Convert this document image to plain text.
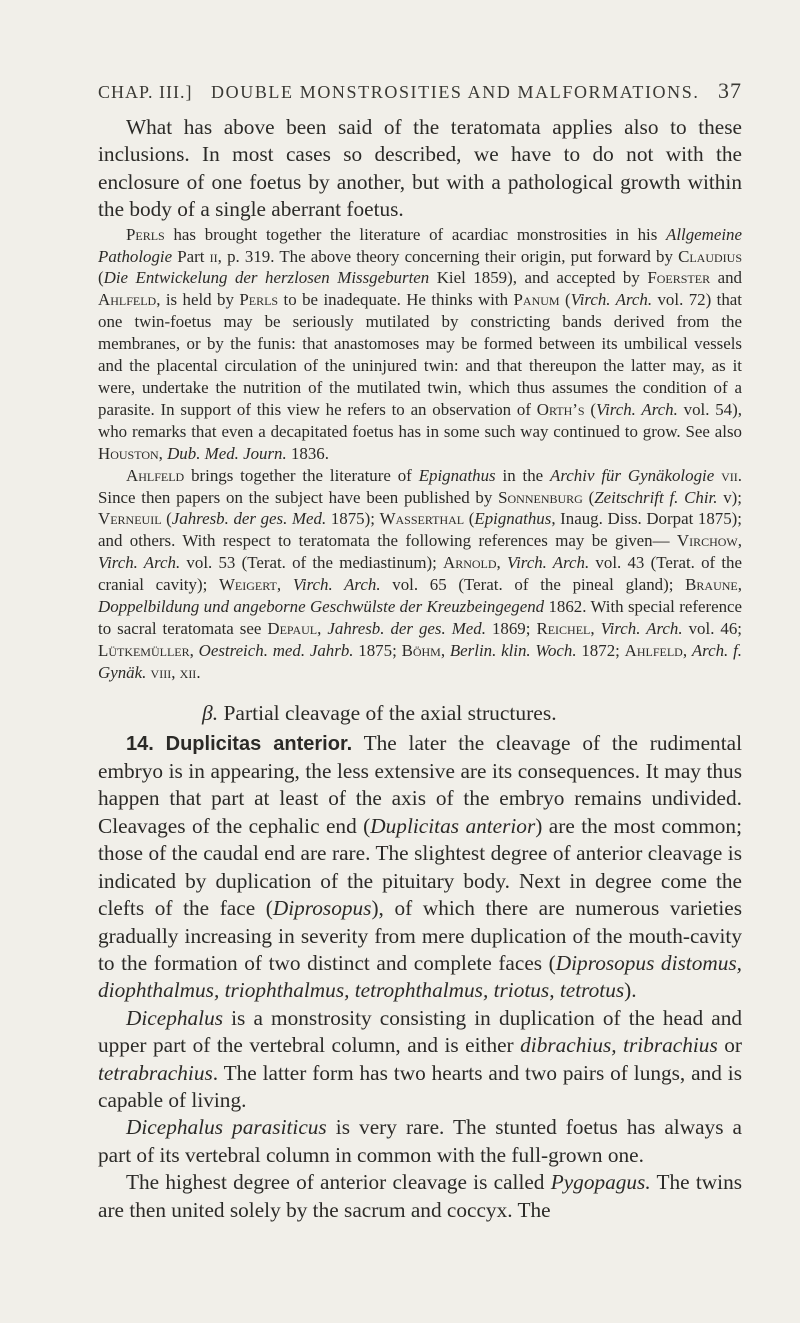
CHAP. III.] DOUBLE MONSTROSITIES AND MALFORMATIONS. 37

What has above been said of the teratomata applies also to these inclusions. In most cases so described, we have to do not with the enclosure of one foetus by another, but with a pathological growth within the body of a single aberrant foetus.

Perls has brought together the literature of acardiac monstrosities in his Allgemeine Pathologie Part ii, p. 319. The above theory concerning their origin, put forward by Claudius (Die Entwickelung der herzlosen Missgeburten Kiel 1859), and accepted by Foerster and Ahlfeld, is held by Perls to be inadequate. He thinks with Panum (Virch. Arch. vol. 72) that one twin-foetus may be seriously mutilated by constricting bands derived from the membranes, or by the funis: that anastomoses may be formed between its umbilical vessels and the placental circulation of the uninjured twin: and that thereupon the latter may, as it were, undertake the nutrition of the mutilated twin, which thus assumes the condition of a parasite. In support of this view he refers to an observation of Orth’s (Virch. Arch. vol. 54), who remarks that even a decapitated foetus has in some such way continued to grow. See also Houston, Dub. Med. Journ. 1836.

Ahlfeld brings together the literature of Epignathus in the Archiv für Gynäkologie vii. Since then papers on the subject have been published by Sonnenburg (Zeitschrift f. Chir. v); Verneuil (Jahresb. der ges. Med. 1875); Wasserthal (Epignathus, Inaug. Diss. Dorpat 1875); and others. With respect to teratomata the following references may be given— Virchow, Virch. Arch. vol. 53 (Terat. of the mediastinum); Arnold, Virch. Arch. vol. 43 (Terat. of the cranial cavity); Weigert, Virch. Arch. vol. 65 (Terat. of the pineal gland); Braune, Doppelbildung und angeborne Geschwülste der Kreuzbeingegend 1862. With special reference to sacral teratomata see Depaul, Jahresb. der ges. Med. 1869; Reichel, Virch. Arch. vol. 46; Lütkemüller, Oestreich. med. Jahrb. 1875; Böhm, Berlin. klin. Woch. 1872; Ahlfeld, Arch. f. Gynäk. viii, xii.

β. Partial cleavage of the axial structures.

14. Duplicitas anterior. The later the cleavage of the rudimental embryo is in appearing, the less extensive are its consequences. It may thus happen that part at least of the axis of the embryo remains undivided. Cleavages of the cephalic end (Duplicitas anterior) are the most common; those of the caudal end are rare. The slightest degree of anterior cleavage is indicated by duplication of the pituitary body. Next in degree come the clefts of the face (Diprosopus), of which there are numerous varieties gradually increasing in severity from mere duplication of the mouth-cavity to the formation of two distinct and complete faces (Diprosopus distomus, diophthalmus, triophthalmus, tetrophthalmus, triotus, tetrotus).

Dicephalus is a monstrosity consisting in duplication of the head and upper part of the vertebral column, and is either dibrachius, tribrachius or tetrabrachius. The latter form has two hearts and two pairs of lungs, and is capable of living.

Dicephalus parasiticus is very rare. The stunted foetus has always a part of its vertebral column in common with the full-grown one.

The highest degree of anterior cleavage is called Pygopagus. The twins are then united solely by the sacrum and coccyx. The
